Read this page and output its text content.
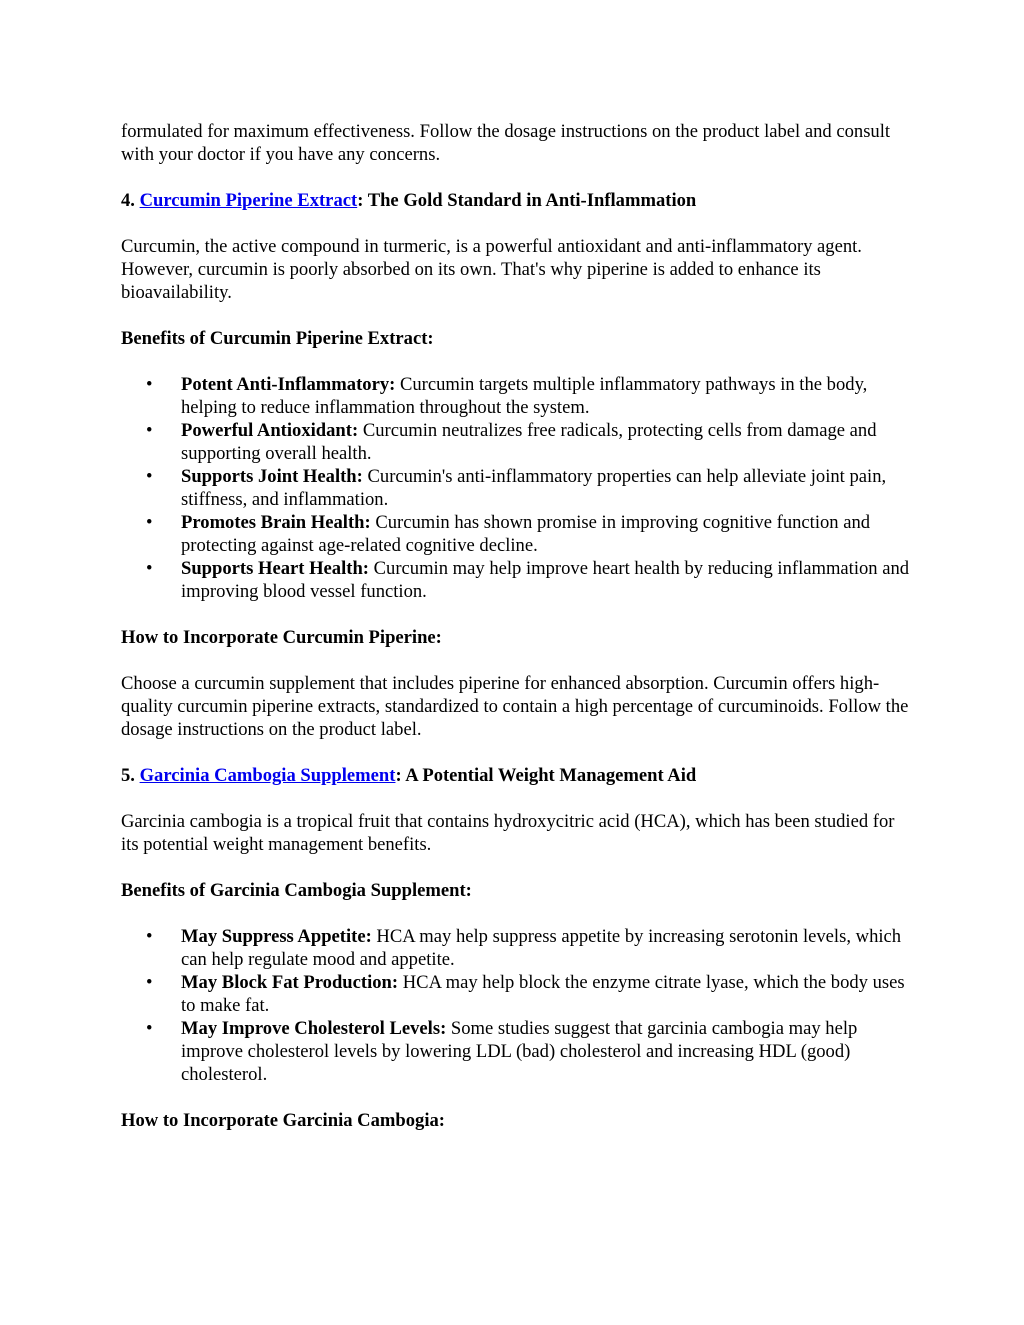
formulated for maximum effectiveness. Follow the dosage instructions on the product label and consult with your doctor if you have any concerns.

4. Curcumin Piperine Extract: The Gold Standard in Anti-Inflammation

Curcumin, the active compound in turmeric, is a powerful antioxidant and anti-inflammatory agent. However, curcumin is poorly absorbed on its own. That's why piperine is added to enhance its bioavailability.

Benefits of Curcumin Piperine Extract:

• Potent Anti-Inflammatory: Curcumin targets multiple inflammatory pathways in the body, helping to reduce inflammation throughout the system.
• Powerful Antioxidant: Curcumin neutralizes free radicals, protecting cells from damage and supporting overall health.
• Supports Joint Health: Curcumin's anti-inflammatory properties can help alleviate joint pain, stiffness, and inflammation.
• Promotes Brain Health: Curcumin has shown promise in improving cognitive function and protecting against age-related cognitive decline.
• Supports Heart Health: Curcumin may help improve heart health by reducing inflammation and improving blood vessel function.

How to Incorporate Curcumin Piperine:

Choose a curcumin supplement that includes piperine for enhanced absorption. Curcumin offers high-quality curcumin piperine extracts, standardized to contain a high percentage of curcuminoids. Follow the dosage instructions on the product label.

5. Garcinia Cambogia Supplement: A Potential Weight Management Aid

Garcinia cambogia is a tropical fruit that contains hydroxycitric acid (HCA), which has been studied for its potential weight management benefits.

Benefits of Garcinia Cambogia Supplement:

• May Suppress Appetite: HCA may help suppress appetite by increasing serotonin levels, which can help regulate mood and appetite.
• May Block Fat Production: HCA may help block the enzyme citrate lyase, which the body uses to make fat.
• May Improve Cholesterol Levels: Some studies suggest that garcinia cambogia may help improve cholesterol levels by lowering LDL (bad) cholesterol and increasing HDL (good) cholesterol.

How to Incorporate Garcinia Cambogia:
